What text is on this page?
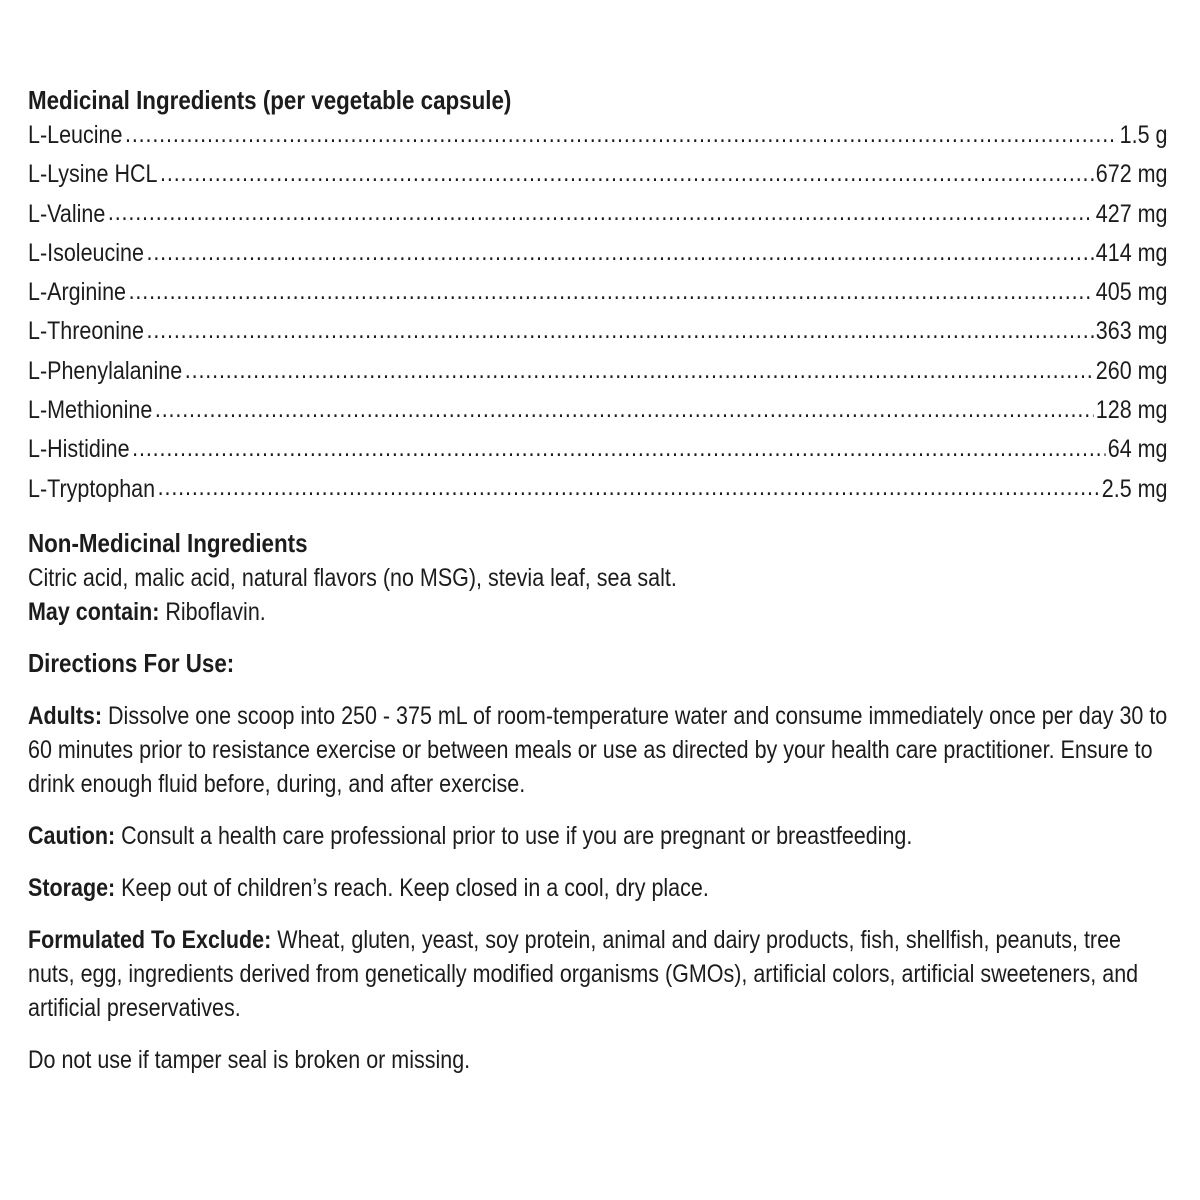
Medicinal Ingredients (per vegetable capsule)
L-Leucine .....	1.5 g
L-Lysine HCL .....	672 mg
L-Valine .....	427 mg
L-Isoleucine .....	414 mg
L-Arginine .....	405 mg
L-Threonine .....	363 mg
L-Phenylalanine .....	260 mg
L-Methionine .....	128 mg
L-Histidine .....	64 mg
L-Tryptophan .....	2.5 mg
Non-Medicinal Ingredients

Citric acid, malic acid, natural flavors (no MSG), stevia leaf, sea salt.

May contain: Riboflavin.

Directions For Use:

Adults: Dissolve one scoop into 250 - 375 mL of room-temperature water and consume immediately once per day 30 to 60 minutes prior to resistance exercise or between meals or use as directed by your health care practitioner. Ensure to drink enough fluid before, during, and after exercise.

Caution: Consult a health care professional prior to use if you are pregnant or breastfeeding.

Storage: Keep out of children’s reach. Keep closed in a cool, dry place.

Formulated To Exclude: Wheat, gluten, yeast, soy protein, animal and dairy products, fish, shellfish, peanuts, tree nuts, egg, ingredients derived from genetically modified organisms (GMOs), artificial colors, artificial sweeteners, and artificial preservatives.

Do not use if tamper seal is broken or missing.
